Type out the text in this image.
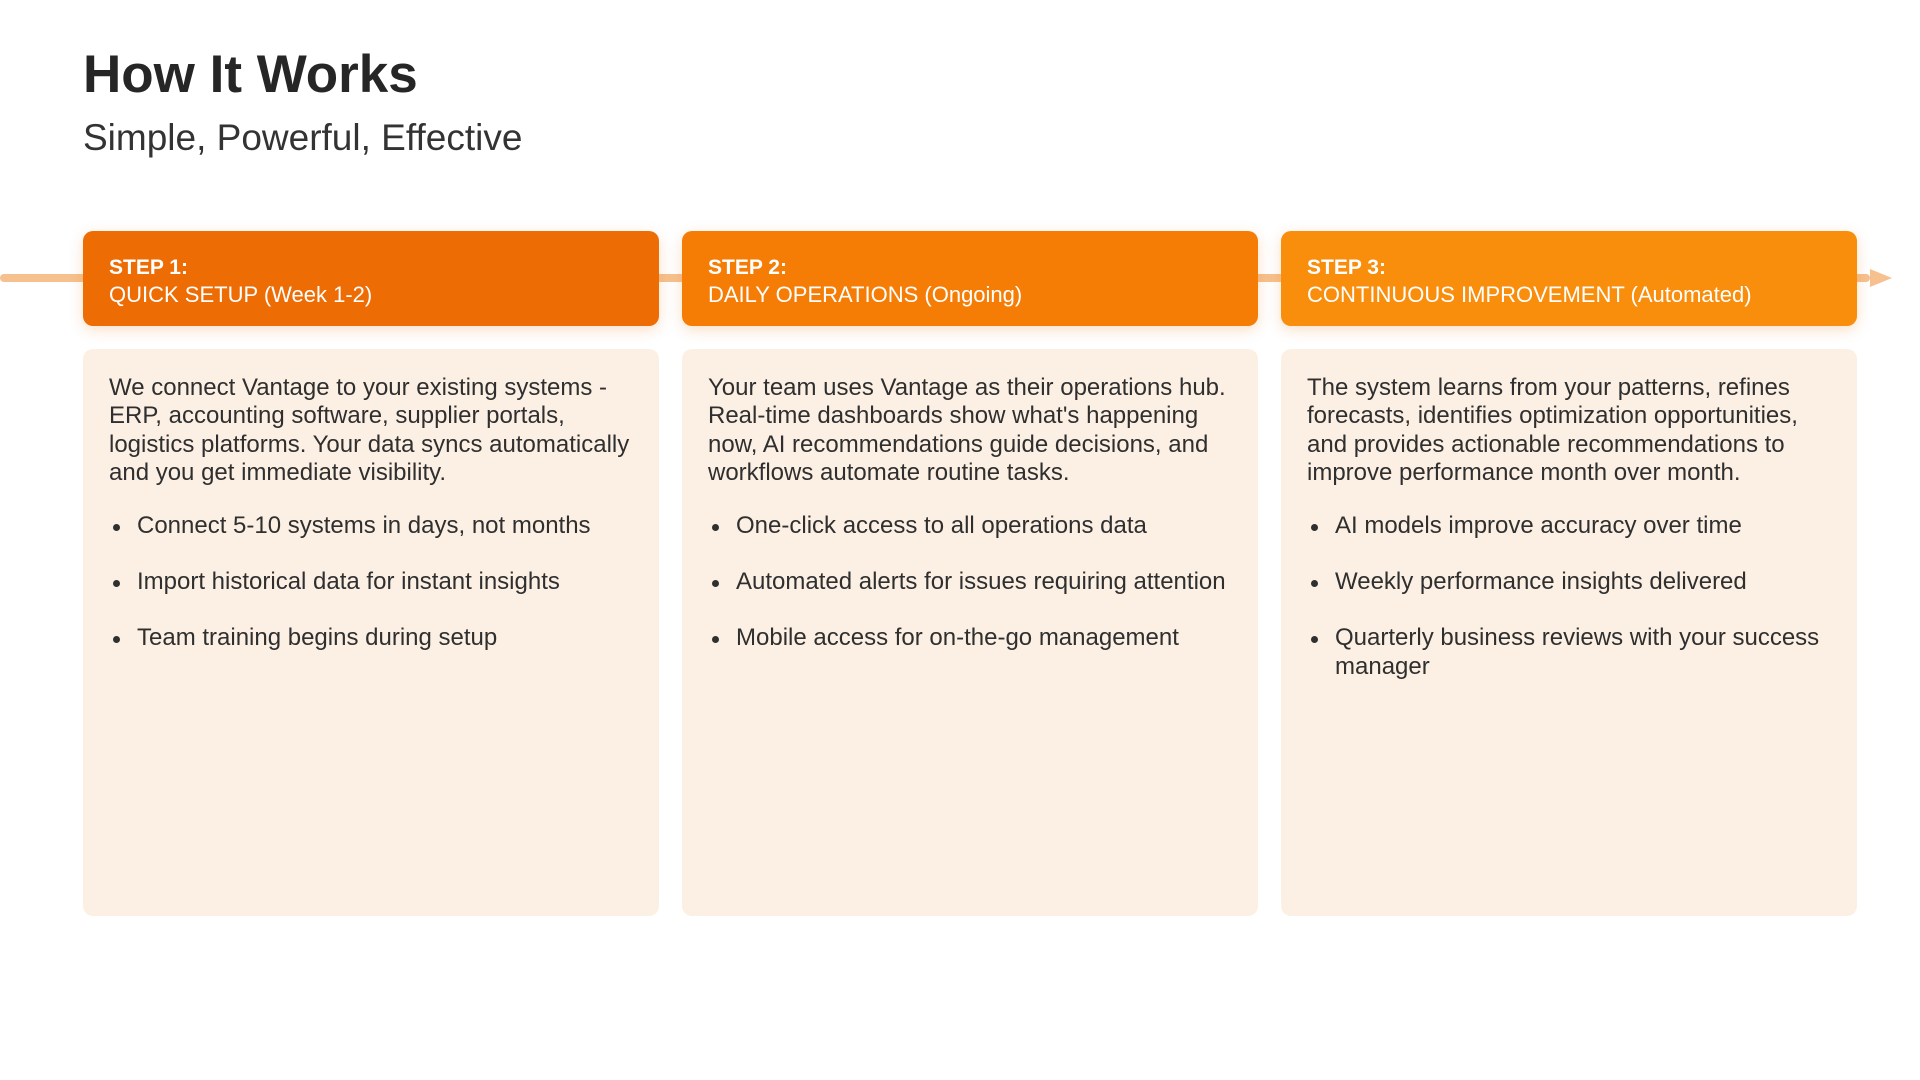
How It Works
Simple, Powerful, Effective
STEP 1:
QUICK SETUP (Week 1-2)

We connect Vantage to your existing systems - ERP, accounting software, supplier portals, logistics platforms. Your data syncs automatically and you get immediate visibility.

Connect 5-10 systems in days, not months
Import historical data for instant insights
Team training begins during setup
STEP 2:
DAILY OPERATIONS (Ongoing)

Your team uses Vantage as their operations hub. Real-time dashboards show what's happening now, AI recommendations guide decisions, and workflows automate routine tasks.

One-click access to all operations data
Automated alerts for issues requiring attention
Mobile access for on-the-go management
STEP 3:
CONTINUOUS IMPROVEMENT (Automated)

The system learns from your patterns, refines forecasts, identifies optimization opportunities, and provides actionable recommendations to improve performance month over month.

AI models improve accuracy over time
Weekly performance insights delivered
Quarterly business reviews with your success manager
